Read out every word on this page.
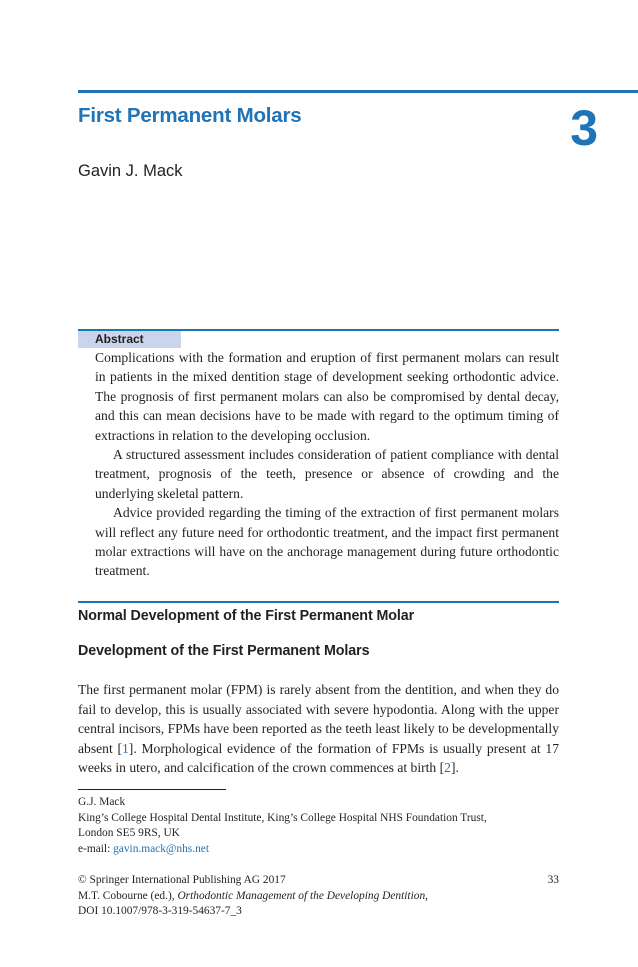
First Permanent Molars	3
Gavin J. Mack
Abstract

Complications with the formation and eruption of first permanent molars can result in patients in the mixed dentition stage of development seeking orthodontic advice. The prognosis of first permanent molars can also be compromised by dental decay, and this can mean decisions have to be made with regard to the optimum timing of extractions in relation to the developing occlusion.

A structured assessment includes consideration of patient compliance with dental treatment, prognosis of the teeth, presence or absence of crowding and the underlying skeletal pattern.

Advice provided regarding the timing of the extraction of first permanent molars will reflect any future need for orthodontic treatment, and the impact first permanent molar extractions will have on the anchorage management during future orthodontic treatment.

Normal Development of the First Permanent Molar
Development of the First Permanent Molars

The first permanent molar (FPM) is rarely absent from the dentition, and when they do fail to develop, this is usually associated with severe hypodontia. Along with the upper central incisors, FPMs have been reported as the teeth least likely to be developmentally absent [1]. Morphological evidence of the formation of FPMs is usually present at 17 weeks in utero, and calcification of the crown commences at birth [2].

G.J. Mack
King’s College Hospital Dental Institute, King’s College Hospital NHS Foundation Trust,
London SE5 9RS, UK
e-mail: gavin.mack@nhs.net
© Springer International Publishing AG 2017
M.T. Cobourne (ed.), Orthodontic Management of the Developing Dentition,
DOI 10.1007/978-3-319-54637-7_3
33
